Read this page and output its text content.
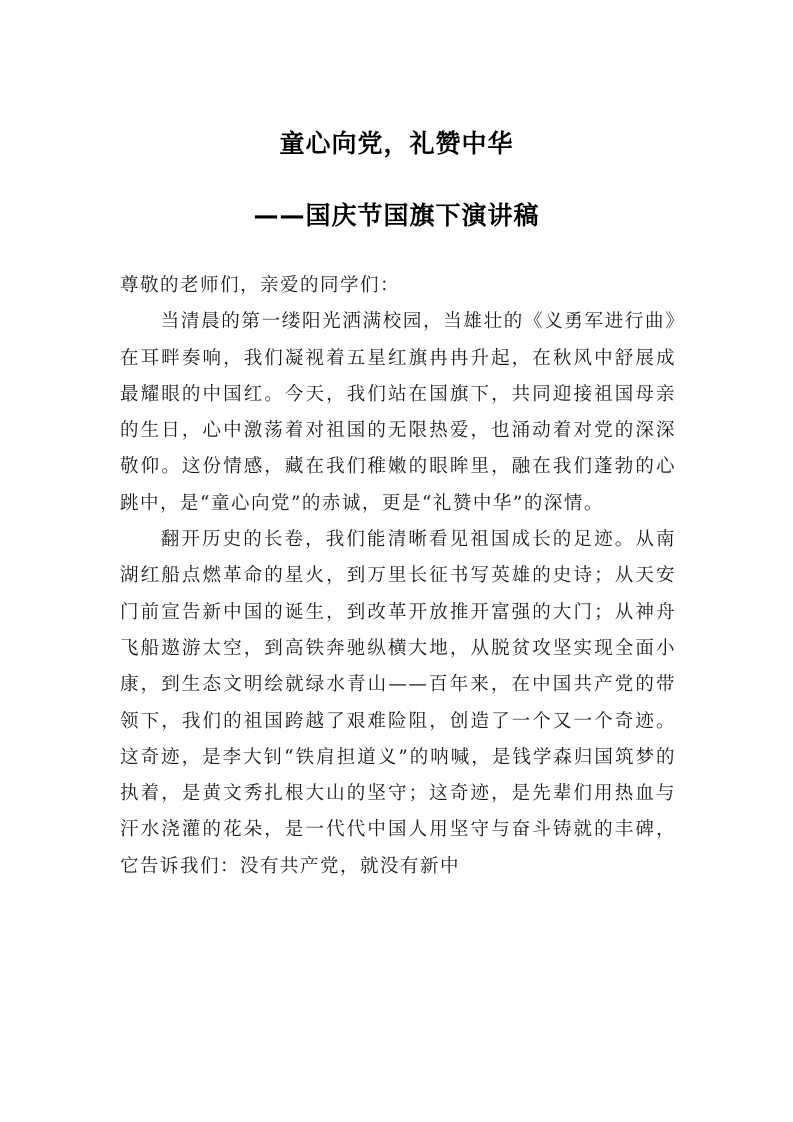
童心向党，礼赞中华
——国庆节国旗下演讲稿

尊敬的老师们，亲爱的同学们：

当清晨的第一缕阳光洒满校园，当雄壮的《义勇军进行曲》在耳畔奏响，我们凝视着五星红旗冉冉升起，在秋风中舒展成最耀眼的中国红。今天，我们站在国旗下，共同迎接祖国母亲的生日，心中激荡着对祖国的无限热爱，也涌动着对党的深深敬仰。这份情感，藏在我们稚嫩的眼眸里，融在我们蓬勃的心跳中，是“童心向党”的赤诚，更是“礼赞中华”的深情。

翻开历史的长卷，我们能清晰看见祖国成长的足迹。从南湖红船点燃革命的星火，到万里长征书写英雄的史诗；从天安门前宣告新中国的诞生，到改革开放推开富强的大门；从神舟飞船遨游太空，到高铁奔驰纵横大地，从脱贫攻坚实现全面小康，到生态文明绘就绿水青山——百年来，在中国共产党的带领下，我们的祖国跨越了艰难险阻，创造了一个又一个奇迹。这奇迹，是李大钊“铁肩担道义”的呐喊，是钱学森归国筑梦的执着，是黄文秀扎根大山的坚守；这奇迹，是先辈们用热血与汗水浇灌的花朵，是一代代中国人用坚守与奋斗铸就的丰碑，它告诉我们：没有共产党，就没有新中
